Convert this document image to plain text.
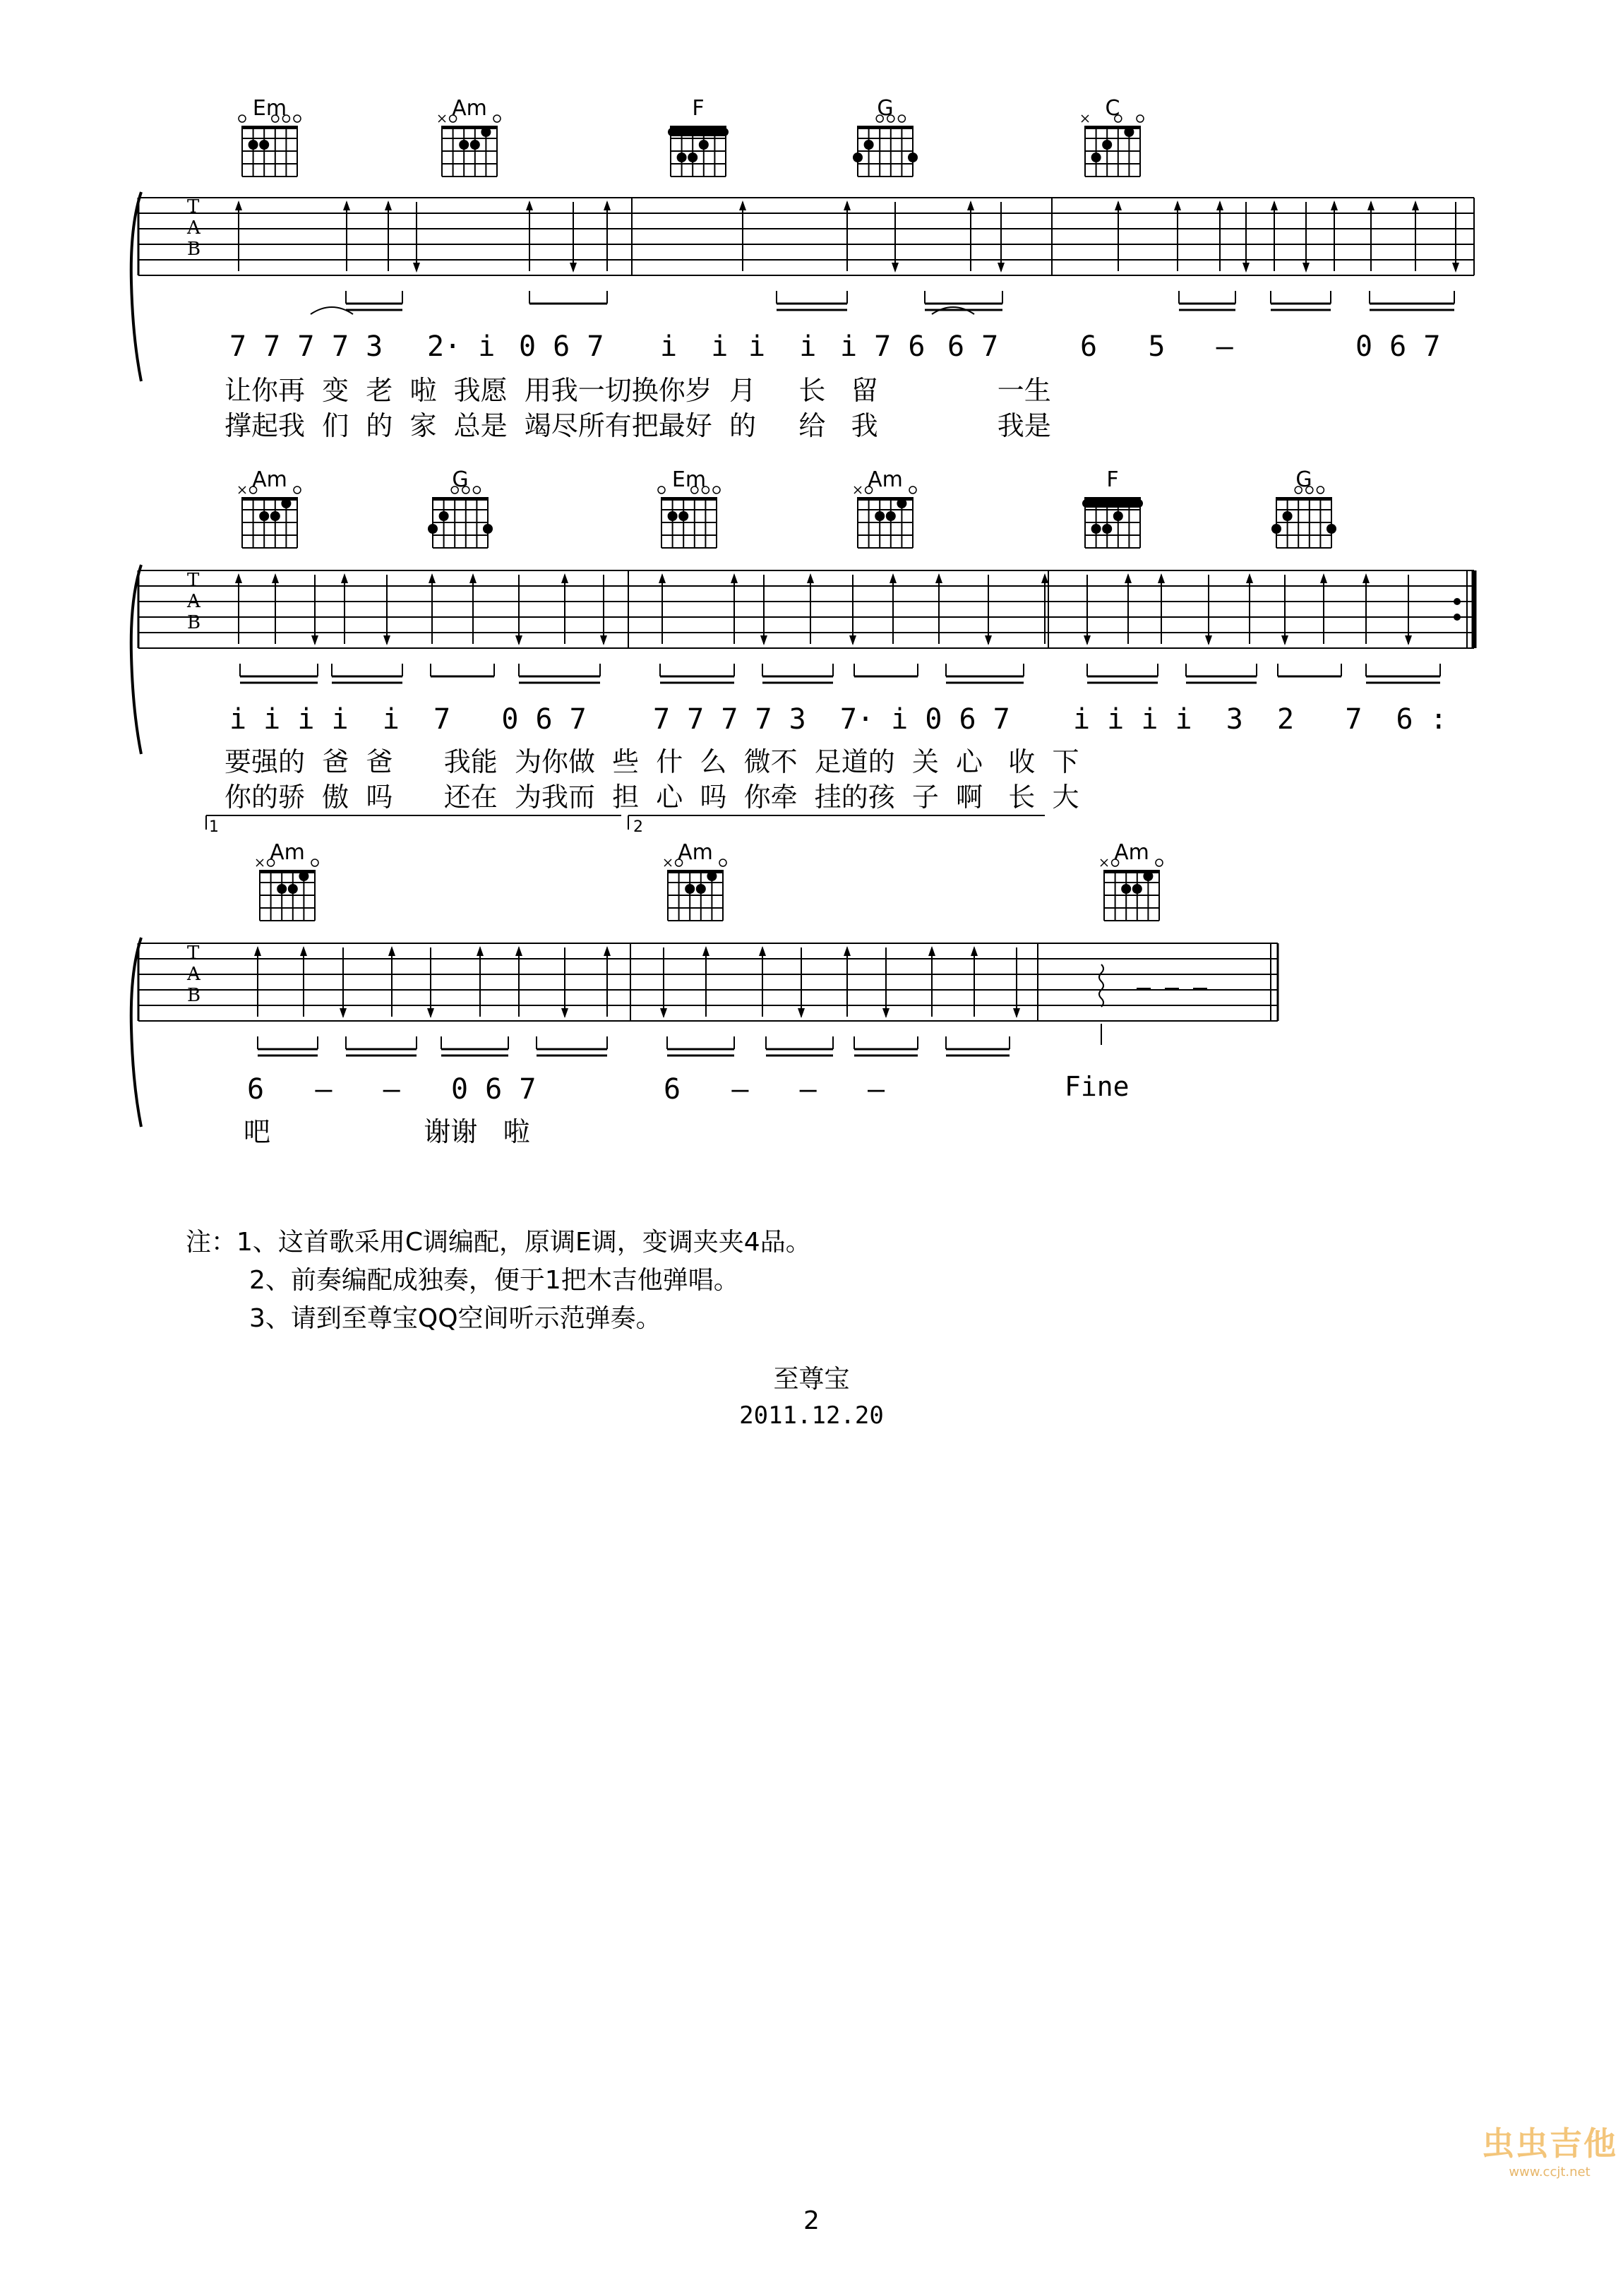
Em	Am	F	G	C
Am	G	Em	Am	F	G
Am	Am	Am
T
A
B
T
A
B
T
A
B
7 7 7 7 3 2· i 0 6 7 i  i i  i i 7 6 6 7	6   5   —	0 6 7
让你再  变  老  啦  我愿  用我一切换你岁  月     长   留              一生
撑起我  们  的  家  总是  竭尽所有把最好  的     给   我              我是
i i i i  i  7   0 6 7 7 7 7 7 3  7· i 0 6 7 i i i i  3  2   7  6 :
要强的  爸  爸      我能  为你做  些  什  么  微不  足道的  关  心   收  下
你的骄  傲  吗      还在  为我而  担  心  吗  你牵  挂的孩  子  啊   长  大
1	2
6   —   —   0 6 7	6   —   —   —	Fine
吧                  谢谢   啦
注：1、这首歌采用C调编配，原调E调，变调夹夹4品。
2、前奏编配成独奏，便于1把木吉他弹唱。
3、请到至尊宝QQ空间听示范弹奏。
至尊宝
2011.12.20
2
虫虫吉他
www.ccjt.net
